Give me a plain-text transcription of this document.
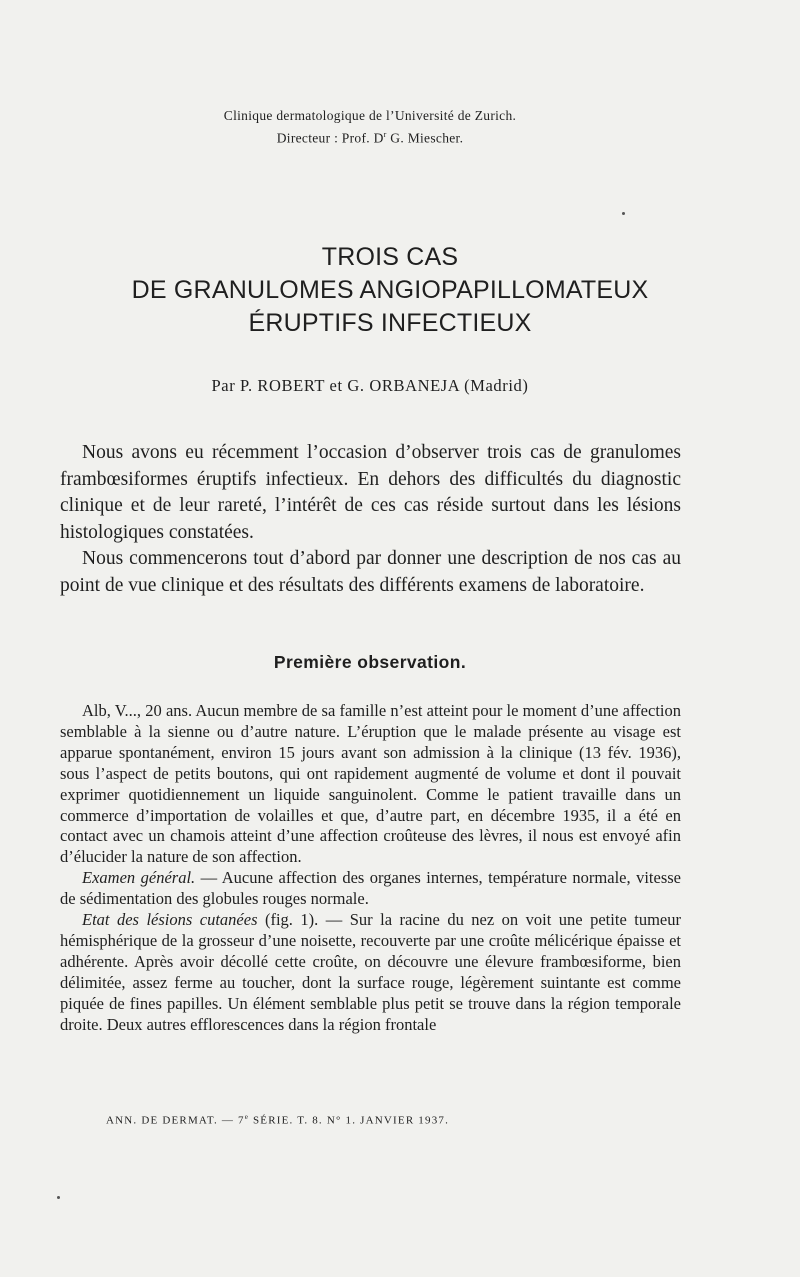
Clinique dermatologique de l’Université de Zurich.
Directeur : Prof. $D^r$ G. Miescher.
TROIS CAS
DE GRANULOMES ANGIOPAPILLOMATEUX
ÉRUPTIFS INFECTIEUX
Par P. ROBERT et G. ORBANEJA (Madrid)

Nous avons eu récemment l’occasion d’observer trois cas de granulomes frambœsiformes éruptifs infectieux. En dehors des difficultés du diagnostic clinique et de leur rareté, l’intérêt de ces cas réside surtout dans les lésions histologiques constatées.

Nous commencerons tout d’abord par donner une description de nos cas au point de vue clinique et des résultats des différents examens de laboratoire.

Première observation.

Alb, V..., 20 ans. Aucun membre de sa famille n’est atteint pour le moment d’une affection semblable à la sienne ou d’autre nature. L’éruption que le malade présente au visage est apparue spontanément, environ 15 jours avant son admission à la clinique (13 fév. 1936), sous l’aspect de petits boutons, qui ont rapidement augmenté de volume et dont il pouvait exprimer quotidiennement un liquide sanguinolent. Comme le patient travaille dans un commerce d’importation de volailles et que, d’autre part, en décembre 1935, il a été en contact avec un chamois atteint d’une affection croûteuse des lèvres, il nous est envoyé afin d’élucider la nature de son affection.

Examen général. — Aucune affection des organes internes, température normale, vitesse de sédimentation des globules rouges normale.

Etat des lésions cutanées (fig. 1). — Sur la racine du nez on voit une petite tumeur hémisphérique de la grosseur d’une noisette, recouverte par une croûte mélicérique épaisse et adhérente. Après avoir décollé cette croûte, on découvre une élevure frambœsiforme, bien délimitée, assez ferme au toucher, dont la surface rouge, légèrement suintante est comme piquée de fines papilles. Un élément semblable plus petit se trouve dans la région temporale droite. Deux autres efflorescences dans la région frontale

ANN. DE DERMAT. — 7e SÉRIE. T. 8. N° 1. JANVIER 1937.
